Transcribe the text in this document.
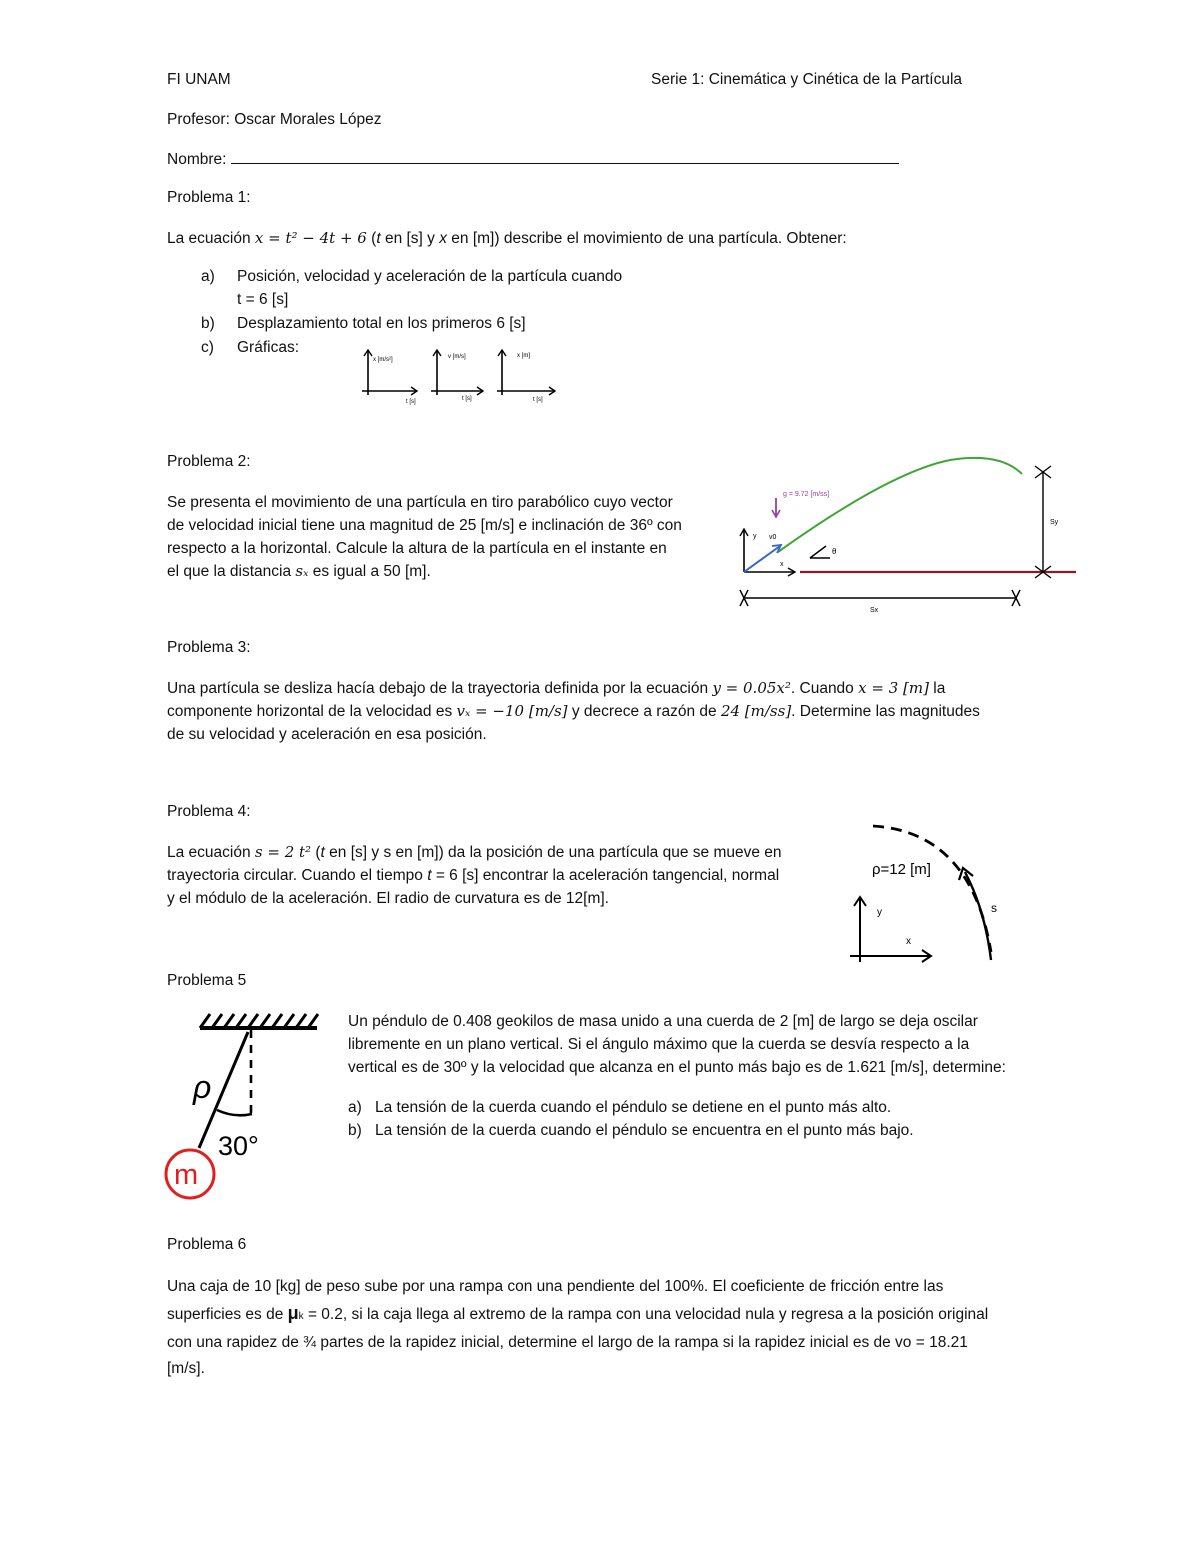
FI UNAM	Serie 1: Cinemática y Cinética de la Partícula
Profesor: Oscar Morales López
Nombre:
Problema 1:
La ecuación x = t² − 4t + 6 (t en [s] y x en [m]) describe el movimiento de una partícula. Obtener:
a) Posición, velocidad y aceleración de la partícula cuando
t = 6 [s]
b) Desplazamiento total en los primeros 6 [s]
c) Gráficas:
x [m/s²]
t [s]
v [m/s]
t [s]
x [m]
t [s]
Problema 2:
Se presenta el movimiento de una partícula en tiro parabólico cuyo vector
de velocidad inicial tiene una magnitud de 25 [m/s] e inclinación de 36º con
respecto a la horizontal. Calcule la altura de la partícula en el instante en
el que la distancia sₓ es igual a 50 [m].
g = 9.72 [m/ss]
y
x
v0
θ
Sy
Sx
Problema 3:
Una partícula se desliza hacía debajo de la trayectoria definida por la ecuación y = 0.05x². Cuando x = 3 [m] la
componente horizontal de la velocidad es vₓ = −10 [m/s] y decrece a razón de 24 [m/ss]. Determine las magnitudes
de su velocidad y aceleración en esa posición.
Problema 4:
La ecuación s = 2 t² (t en [s] y s en [m]) da la posición de una partícula que se mueve en
trayectoria circular. Cuando el tiempo t = 6 [s] encontrar la aceleración tangencial, normal
y el módulo de la aceleración. El radio de curvatura es de 12[m].
ρ=12 [m]
y
x
s
Problema 5
Un péndulo de 0.408 geokilos de masa unido a una cuerda de 2 [m] de largo se deja oscilar
libremente en un plano vertical. Si el ángulo máximo que la cuerda se desvía respecto a la
vertical es de 30º y la velocidad que alcanza en el punto más bajo es de 1.621 [m/s], determine:
a) La tensión de la cuerda cuando el péndulo se detiene en el punto más alto.
b) La tensión de la cuerda cuando el péndulo se encuentra en el punto más bajo.
ρ
30°
m
Problema 6
Una caja de 10 [kg] de peso sube por una rampa con una pendiente del 100%. El coeficiente de fricción entre las
superficies es de μk = 0.2, si la caja llega al extremo de la rampa con una velocidad nula y regresa a la posición original
con una rapidez de ¾ partes de la rapidez inicial, determine el largo de la rampa si la rapidez inicial es de vo = 18.21
[m/s].
